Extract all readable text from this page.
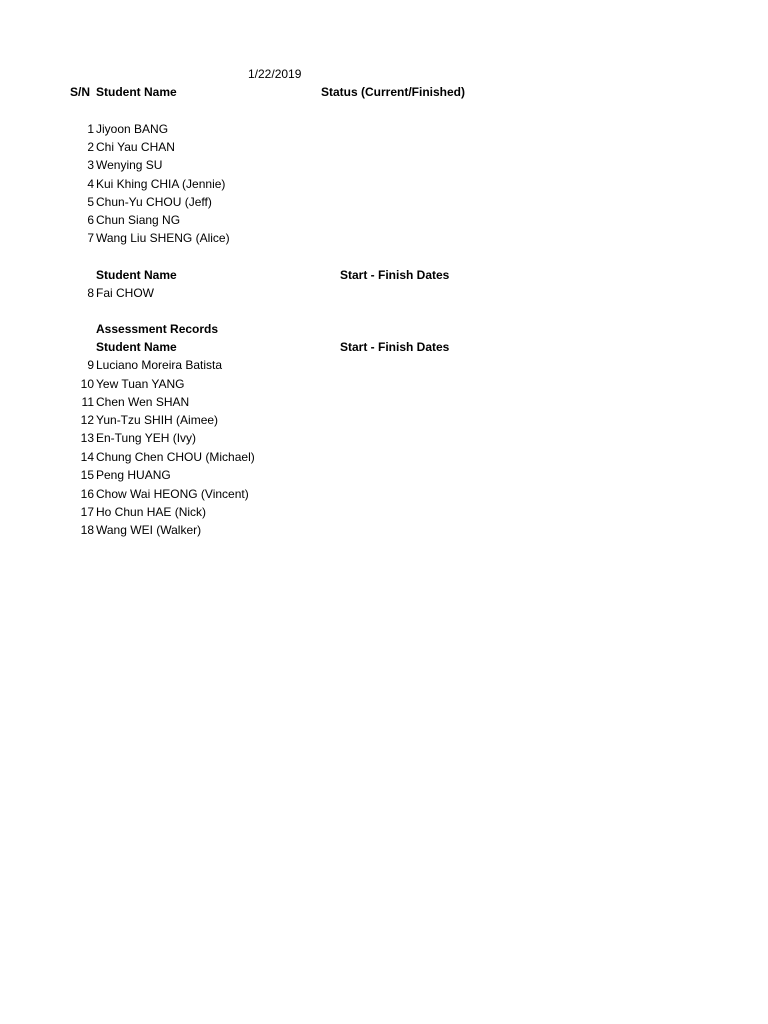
1/22/2019
S/N Student Name	Status (Current/Finished)
1 Jiyoon BANG
2 Chi Yau CHAN
3 Wenying SU
4 Kui Khing CHIA (Jennie)
5 Chun-Yu CHOU (Jeff)
6 Chun Siang NG
7 Wang Liu SHENG (Alice)
Student Name	Start - Finish Dates
8 Fai CHOW
Assessment Records
Student Name	Start - Finish Dates
9 Luciano Moreira Batista
10 Yew Tuan YANG
11 Chen Wen SHAN
12 Yun-Tzu SHIH (Aimee)
13 En-Tung YEH (Ivy)
14 Chung Chen CHOU (Michael)
15 Peng HUANG
16 Chow Wai HEONG (Vincent)
17 Ho Chun HAE (Nick)
18 Wang WEI (Walker)
